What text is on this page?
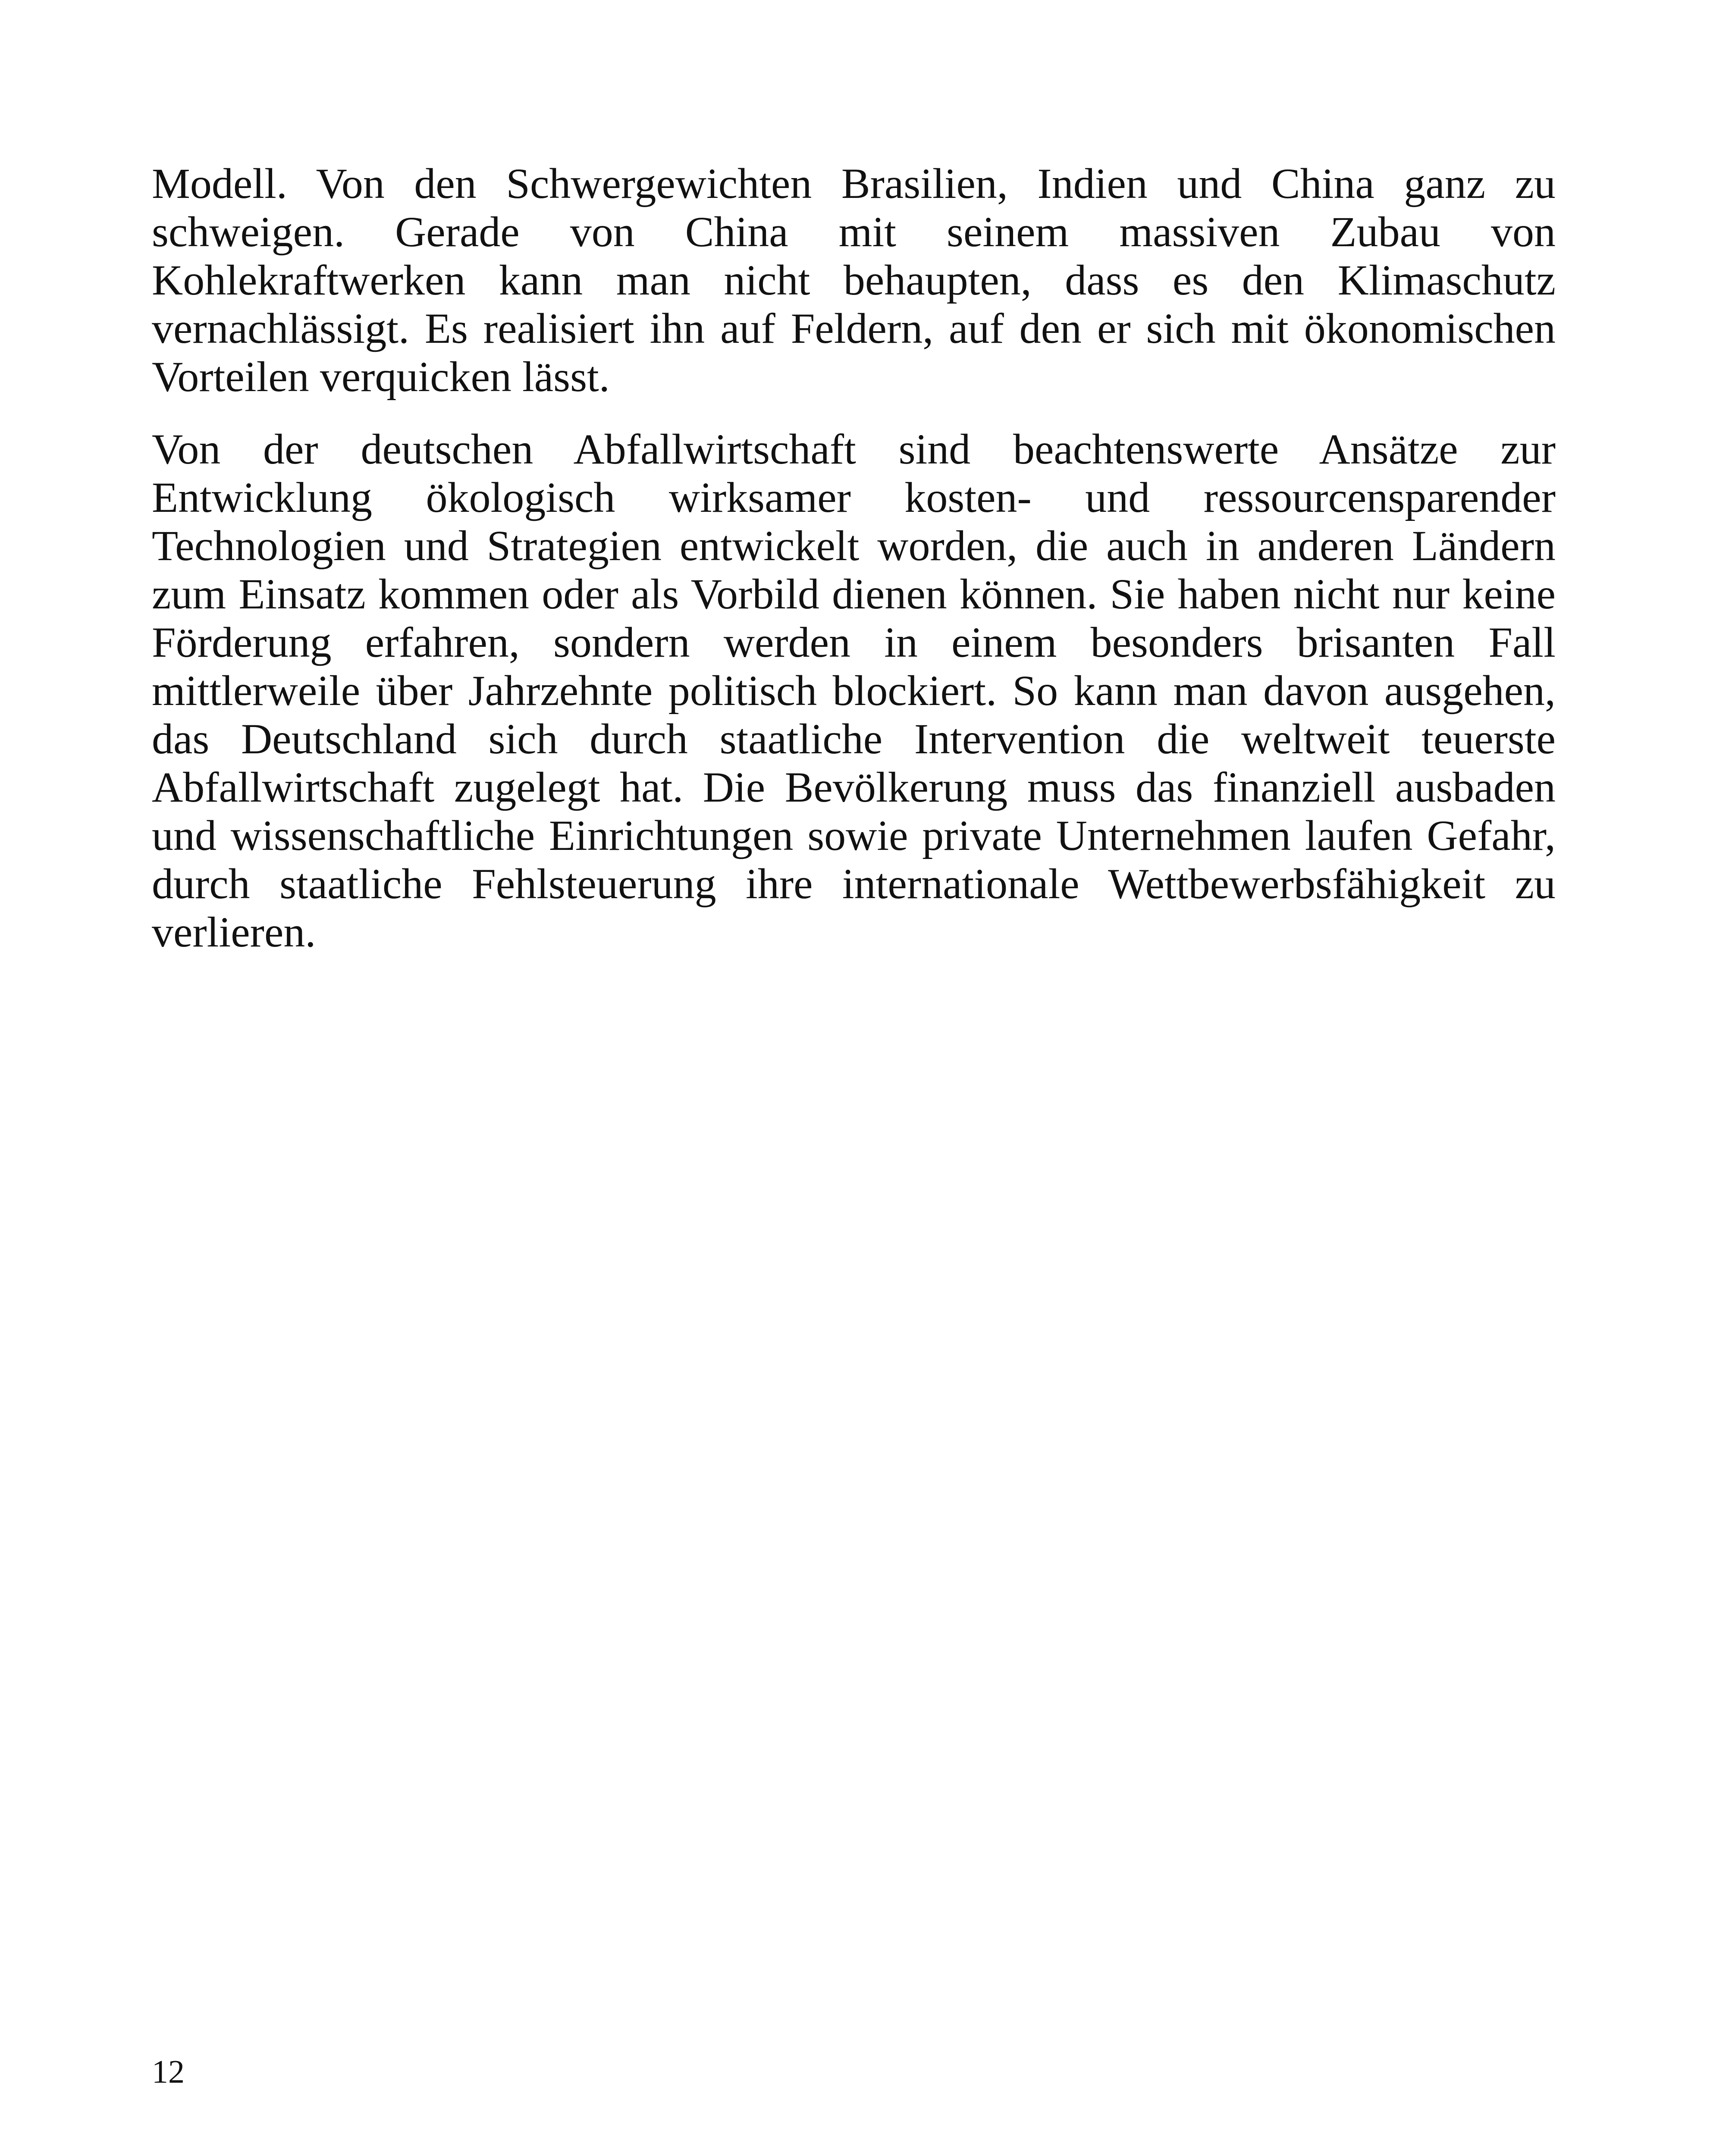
Modell. Von den Schwergewichten Brasilien, Indien und China ganz zu
schweigen. Gerade von China mit seinem massiven Zubau von
Kohlekraftwerken kann man nicht behaupten, dass es den Klimaschutz
vernachlässigt. Es realisiert ihn auf Feldern, auf den er sich mit ökonomischen
Vorteilen verquicken lässt.

Von der deutschen Abfallwirtschaft sind beachtenswerte Ansätze zur
Entwicklung ökologisch wirksamer kosten- und ressourcensparender
Technologien und Strategien entwickelt worden, die auch in anderen Ländern
zum Einsatz kommen oder als Vorbild dienen können. Sie haben nicht nur keine
Förderung erfahren, sondern werden in einem besonders brisanten Fall
mittlerweile über Jahrzehnte politisch blockiert. So kann man davon ausgehen,
das Deutschland sich durch staatliche Intervention die weltweit teuerste
Abfallwirtschaft zugelegt hat. Die Bevölkerung muss das finanziell ausbaden
und wissenschaftliche Einrichtungen sowie private Unternehmen laufen Gefahr,
durch staatliche Fehlsteuerung ihre internationale Wettbewerbsfähigkeit zu
verlieren.

12
